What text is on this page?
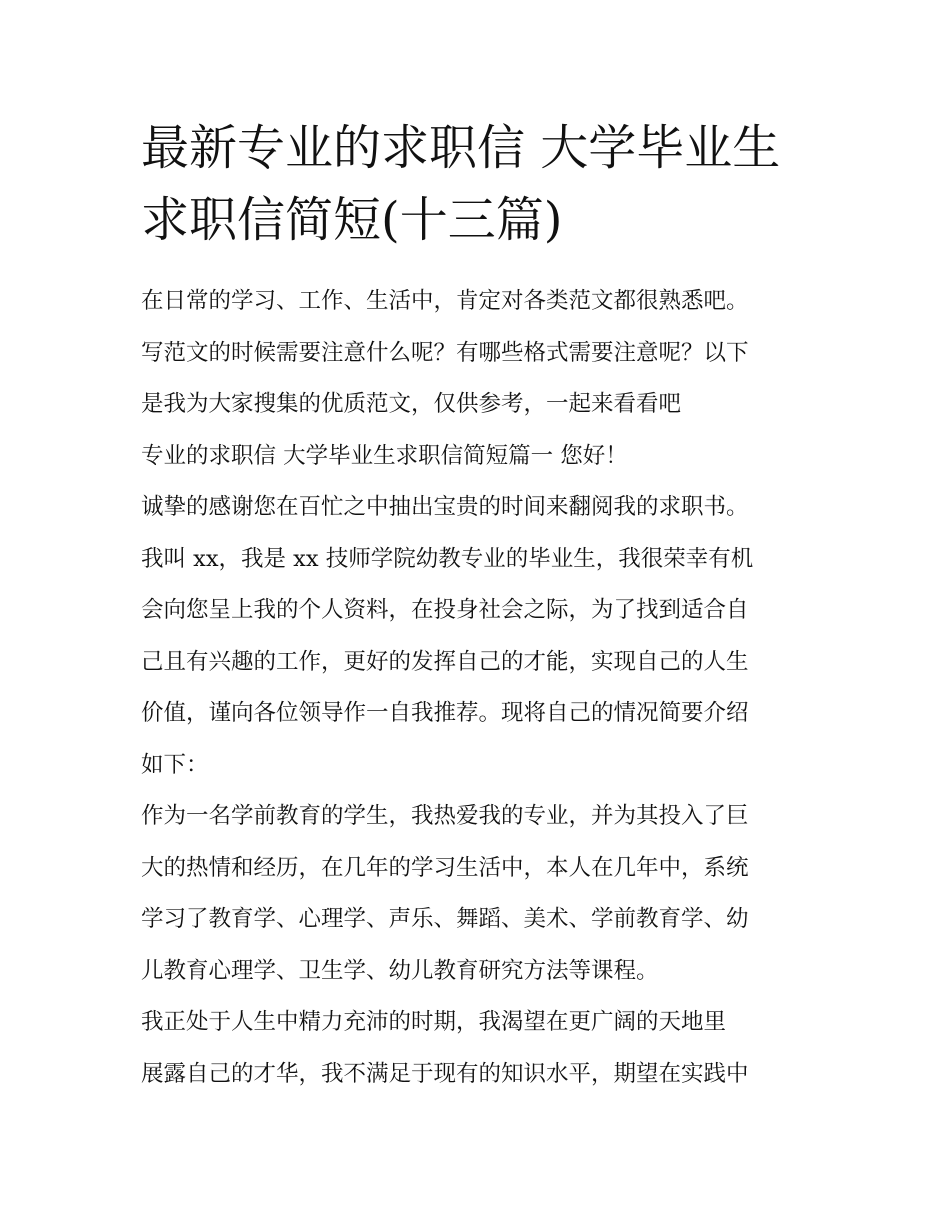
最新专业的求职信 大学毕业生
求职信简短(十三篇)
在日常的学习、工作、生活中，肯定对各类范文都很熟悉吧。
写范文的时候需要注意什么呢？有哪些格式需要注意呢？以下
是我为大家搜集的优质范文，仅供参考，一起来看看吧
专业的求职信 大学毕业生求职信简短篇一 您好！
诚挚的感谢您在百忙之中抽出宝贵的时间来翻阅我的求职书。
我叫 xx，我是 xx 技师学院幼教专业的毕业生，我很荣幸有机
会向您呈上我的个人资料，在投身社会之际，为了找到适合自
己且有兴趣的工作，更好的发挥自己的才能，实现自己的人生
价值，谨向各位领导作一自我推荐。现将自己的情况简要介绍
如下：
作为一名学前教育的学生，我热爱我的专业，并为其投入了巨
大的热情和经历，在几年的学习生活中，本人在几年中，系统
学习了教育学、心理学、声乐、舞蹈、美术、学前教育学、幼
儿教育心理学、卫生学、幼儿教育研究方法等课程。
我正处于人生中精力充沛的时期，我渴望在更广阔的天地里
展露自己的才华，我不满足于现有的知识水平，期望在实践中
